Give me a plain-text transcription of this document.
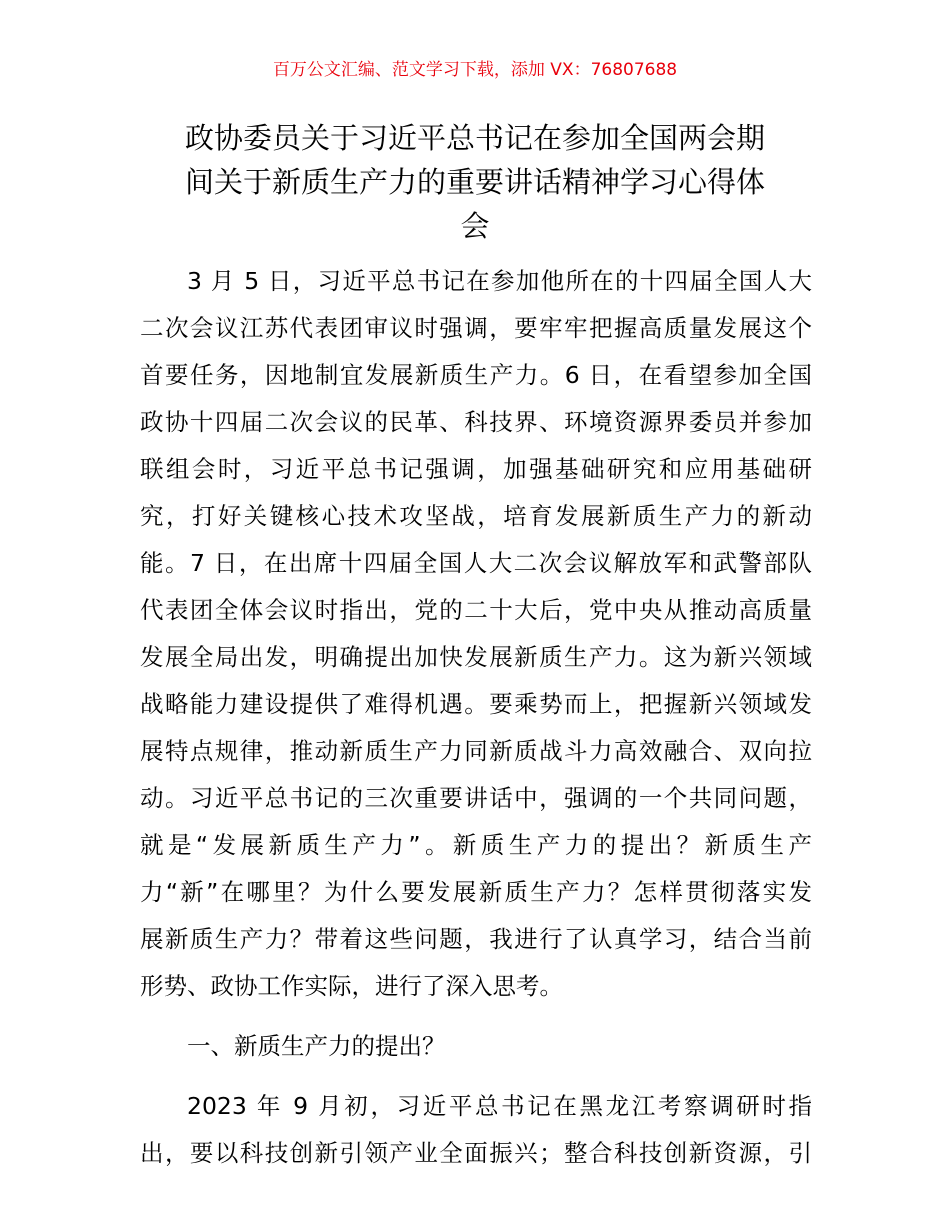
百万公文汇编、范文学习下载，添加 VX：76807688
政协委员关于习近平总书记在参加全国两会期
间关于新质生产力的重要讲话精神学习心得体
会

3 月 5 日，习近平总书记在参加他所在的十四届全国人大
二次会议江苏代表团审议时强调，要牢牢把握高质量发展这个
首要任务，因地制宜发展新质生产力。6 日，在看望参加全国
政协十四届二次会议的民革、科技界、环境资源界委员并参加
联组会时，习近平总书记强调，加强基础研究和应用基础研
究，打好关键核心技术攻坚战，培育发展新质生产力的新动
能。7 日，在出席十四届全国人大二次会议解放军和武警部队
代表团全体会议时指出，党的二十大后，党中央从推动高质量
发展全局出发，明确提出加快发展新质生产力。这为新兴领域
战略能力建设提供了难得机遇。要乘势而上，把握新兴领域发
展特点规律，推动新质生产力同新质战斗力高效融合、双向拉
动。习近平总书记的三次重要讲话中，强调的一个共同问题，
就是“发展新质生产力”。新质生产力的提出？新质生产
力“新”在哪里？为什么要发展新质生产力？怎样贯彻落实发
展新质生产力？带着这些问题，我进行了认真学习，结合当前
形势、政协工作实际，进行了深入思考。

一、新质生产力的提出？

2023 年 9 月初，习近平总书记在黑龙江考察调研时指
出，要以科技创新引领产业全面振兴；整合科技创新资源，引
